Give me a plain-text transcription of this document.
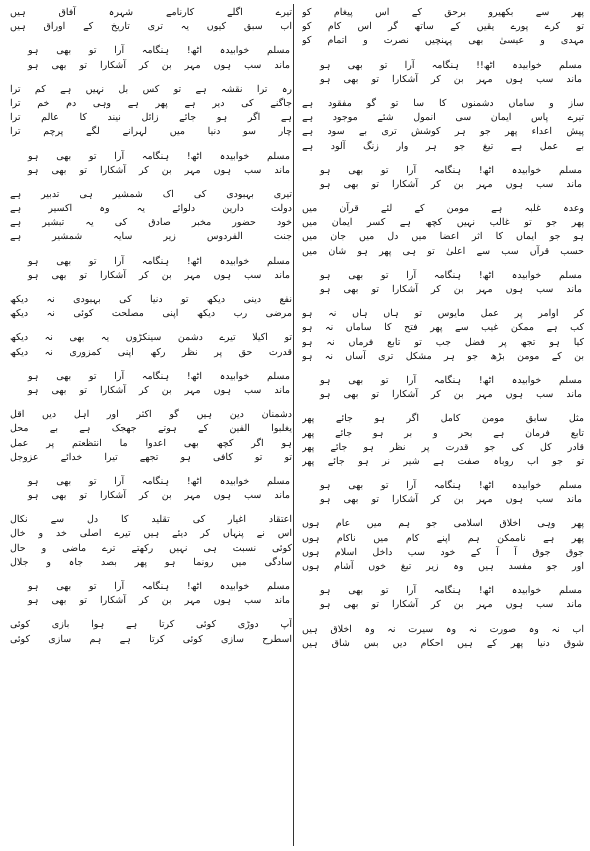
پھر سے بکھیرو برحق کے اس پیغام کو
تو کرے پورے یقیں کے ساتھ گر اس کام کو
مہدی و عیسیٰ بھی پہنچیں نصرت و اتمام کو
مسلم خوابیدہ اٹھ!! ہنگامہ آرا تو بھی ہو
ماند سب ہوں مہر بن کر آشکارا تو بھی ہو
ساز و ساماں دشمنوں کا سا تو گو مفقود ہے
تیرے پاس ایمان سی انمول شئے موجود ہے
پیش اعداء پھر جو ہر کوشش تری بے سود ہے
بے عمل ہے تیغ جو ہر وار زنگ آلود ہے
مسلم خوابیدہ اٹھ! ہنگامہ آرا تو بھی ہو
ماند سب ہوں مہر بن کر آشکارا تو بھی ہو
وعدہ غلبہ ہے مومن کے لئے قرآن میں
پھر جو تو غالب نہیں کچھ ہے کسر ایمان میں
ہو جو ایماں کا اثر اعضا میں دل میں جان میں
حسب قرآں سب سے اعلیٰ تو ہی پھر ہو شان میں
مسلم خوابیدہ اٹھ! ہنگامہ آرا تو بھی ہو
ماند سب ہوں مہر بن کر آشکارا تو بھی ہو
کر اوامر پر عمل مایوس تو ہاں ہاں نہ ہو
کب ہے ممکن غیب سے پھر فتح کا ساماں نہ ہو
کیا ہو تجھ پر فضل جب تو تابع فرماں نہ ہو
بن کے مومن بڑھ جو ہر مشکل تری آساں نہ ہو
مسلم خوابیدہ اٹھ! ہنگامہ آرا تو بھی ہو
ماند سب ہوں مہر بن کر آشکارا تو بھی ہو
مثل سابق مومن کامل اگر ہو جائے پھر
تابع فرمان ہے بحر و بر ہو جائے پھر
قادر کل کی جو قدرت پر نظر ہو جائے پھر
تو جو اب روباہ صفت ہے شیر نر ہو جائے پھر
مسلم خوابیدہ اٹھ! ہنگامہ آرا تو بھی ہو
ماند سب ہوں مہر بن کر آشکارا تو بھی ہو
پھر وہی اخلاق اسلامی جو ہم میں عام ہوں
پھر ہے ناممکن ہم اپنے کام میں ناکام ہوں
جوق جوق آ آ کے خود سب داخل اسلام ہوں
اور جو مفسد ہیں وہ زیر تیغ خوں آشام ہوں
مسلم خوابیدہ اٹھ! ہنگامہ آرا تو بھی ہو
ماند سب ہوں مہر بن کر آشکارا تو بھی ہو
اب نہ وہ صورت نہ وہ سیرت نہ وہ اخلاق ہیں
شوق دنیا پھر کے ہیں احکام دیں بس شاق ہیں
تیرے اگلے کارنامے شہرہ آفاق ہیں
اب سبق کیوں یہ تری تاریخ کے اوراق ہیں
مسلم خوابیدہ اٹھ! ہنگامہ آرا تو بھی ہو
ماند سب ہوں مہر بن کر آشکارا تو بھی ہو
رہ ترا نقشہ ہے تو کس بل نہیں ہے کم ترا
جاگنے کی دیر ہے پھر ہے وہی دم خم ترا
ہے اگر ہو جائے زائل نیند کا عالم ترا
چار سو دنیا میں لہرانے لگے پرچم ترا
مسلم خوابیدہ اٹھ! ہنگامہ آرا تو بھی ہو
ماند سب ہوں مہر بن کر آشکارا تو بھی ہو
تیری بہبودی کی اک شمشیر ہی تدبیر ہے
دولت دارین دلوائے یہ وہ اکسیر ہے
خود حضور مخبر صادق کی یہ تبشیر ہے
جنت الفردوس زیر سایہ شمشیر ہے
مسلم خوابیدہ اٹھ! ہنگامہ آرا تو بھی ہو
ماند سب ہوں مہر بن کر آشکارا تو بھی ہو
نفع دینی دیکھ تو دنیا کی بہبودی نہ دیکھ
مرضی رب دیکھ اپنی مصلحت کوئی نہ دیکھ
تو اکیلا تیرے دشمن سینکڑوں یہ بھی نہ دیکھ
قدرت حق پر نظر رکھ اپنی کمزوری نہ دیکھ
مسلم خوابیدہ اٹھ! ہنگامہ آرا تو بھی ہو
ماند سب ہوں مہر بن کر آشکارا تو بھی ہو
دشمنان دین ہیں گو اکثر اور اہل دیں اقل
یغلبوا الفین کے ہوتے جھجک ہے بے محل
ہو اگر کچھ بھی اعدوا ما انتظعتم پر عمل
تو تو کافی ہو تجھے تیرا خدائے عزوجل
مسلم خوابیدہ اٹھ! ہنگامہ آرا تو بھی ہو
ماند سب ہوں مہر بن کر آشکارا تو بھی ہو
اعتقاد اغیار کی تقلید کا دل سے نکال
اس نے پنہاں کر دیئے ہیں تیرے اصلی خد و خال
کوئی نسبت ہی نہیں رکھتے ترے ماضی و حال
سادگی میں رونما ہو پھر بصد جاہ و جلال
مسلم خوابیدہ اٹھ! ہنگامہ آرا تو بھی ہو
ماند سب ہوں مہر بن کر آشکارا تو بھی ہو
آپ دوڑی کوئی کرتا ہے ہوا بازی کوئی
اسطرح سازی کوئی کرتا ہے ہم سازی کوئی
